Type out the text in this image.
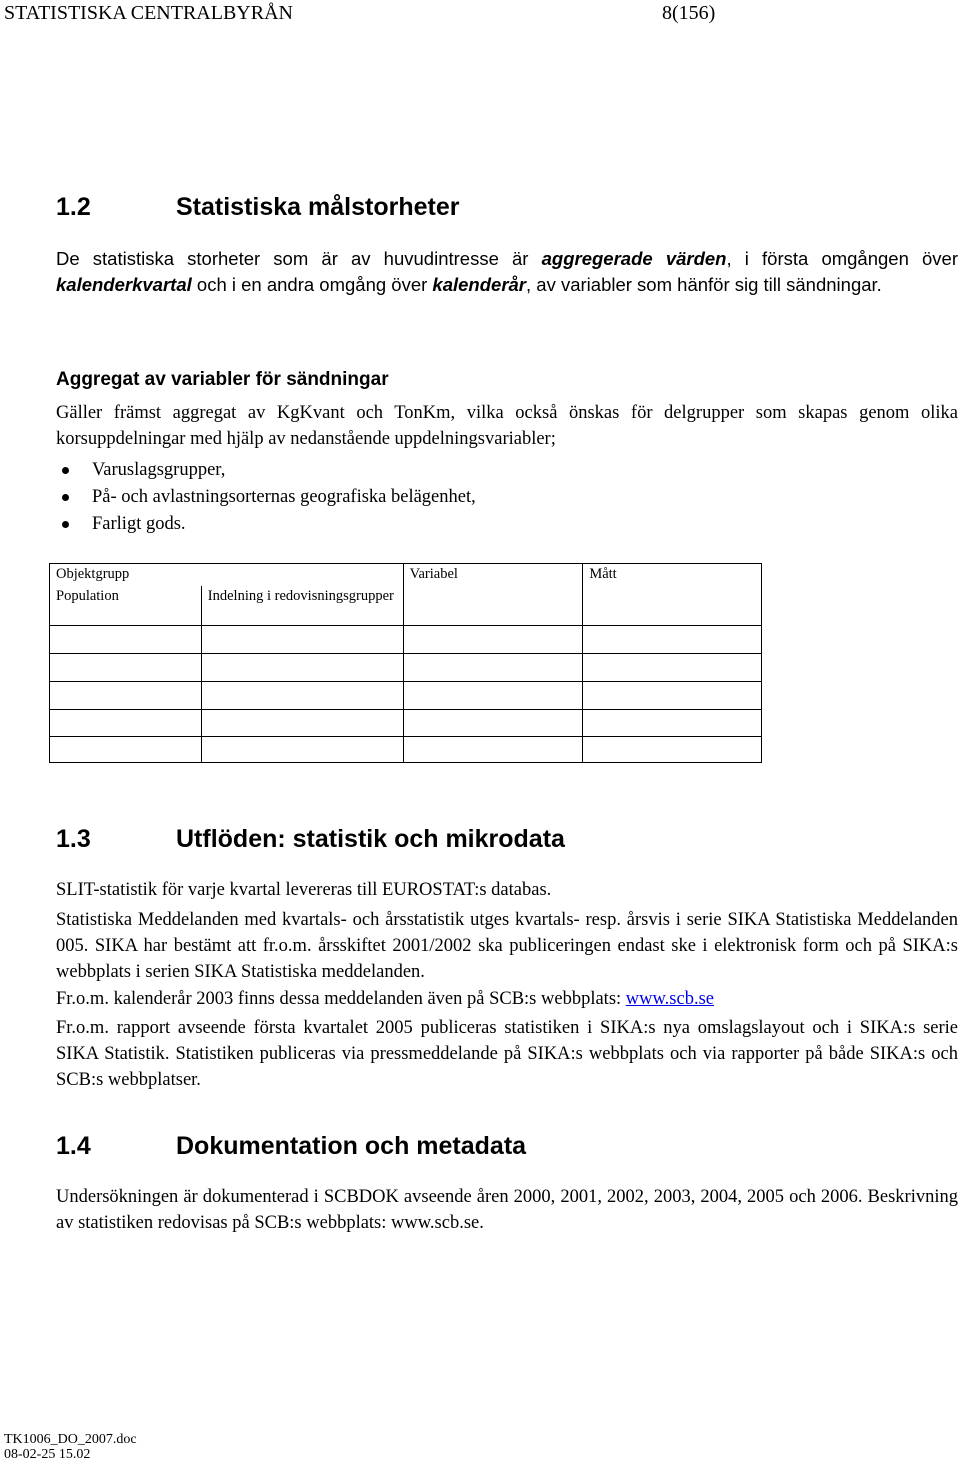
STATISTISKA CENTRALBYRÅN	8(156)
1.2	Statistiska målstorheter

De statistiska storheter som är av huvudintresse är aggregerade värden, i första omgången över kalenderkvartal och i en andra omgång över kalenderår, av variabler som hänför sig till sändningar.

Aggregat av variabler för sändningar

Gäller främst aggregat av KgKvant och TonKm, vilka också önskas för delgrupper som skapas genom olika korsuppdelningar med hjälp av nedanstående uppdelningsvariabler;

Varuslagsgrupper,
På- och avlastningsorternas geografiska belägenhet,
Farligt gods.
Objektgrupp		Variabel	Mått
Population	Indelning i redovisningsgrupper		

1.3	Utflöden: statistik och mikrodata

SLIT-statistik för varje kvartal levereras till EUROSTAT:s databas.

Statistiska Meddelanden med kvartals- och årsstatistik utges kvartals- resp. årsvis i serie SIKA Statistiska Meddelanden 005. SIKA har bestämt att fr.o.m. årsskiftet 2001/2002 ska publiceringen endast ske i elektronisk form och på SIKA:s webbplats i serien SIKA Statistiska meddelanden.

Fr.o.m. kalenderår 2003 finns dessa meddelanden även på SCB:s webbplats: www.scb.se

Fr.o.m. rapport avseende första kvartalet 2005 publiceras statistiken i SIKA:s nya omslagslayout och i SIKA:s serie SIKA Statistik. Statistiken publiceras via pressmeddelande på SIKA:s webbplats och via rapporter på både SIKA:s och SCB:s webbplatser.

1.4	Dokumentation och metadata

Undersökningen är dokumenterad i SCBDOK avseende åren 2000, 2001, 2002, 2003, 2004, 2005 och 2006. Beskrivning av statistiken redovisas på SCB:s webbplats: www.scb.se.

TK1006_DO_2007.doc
08-02-25 15.02
